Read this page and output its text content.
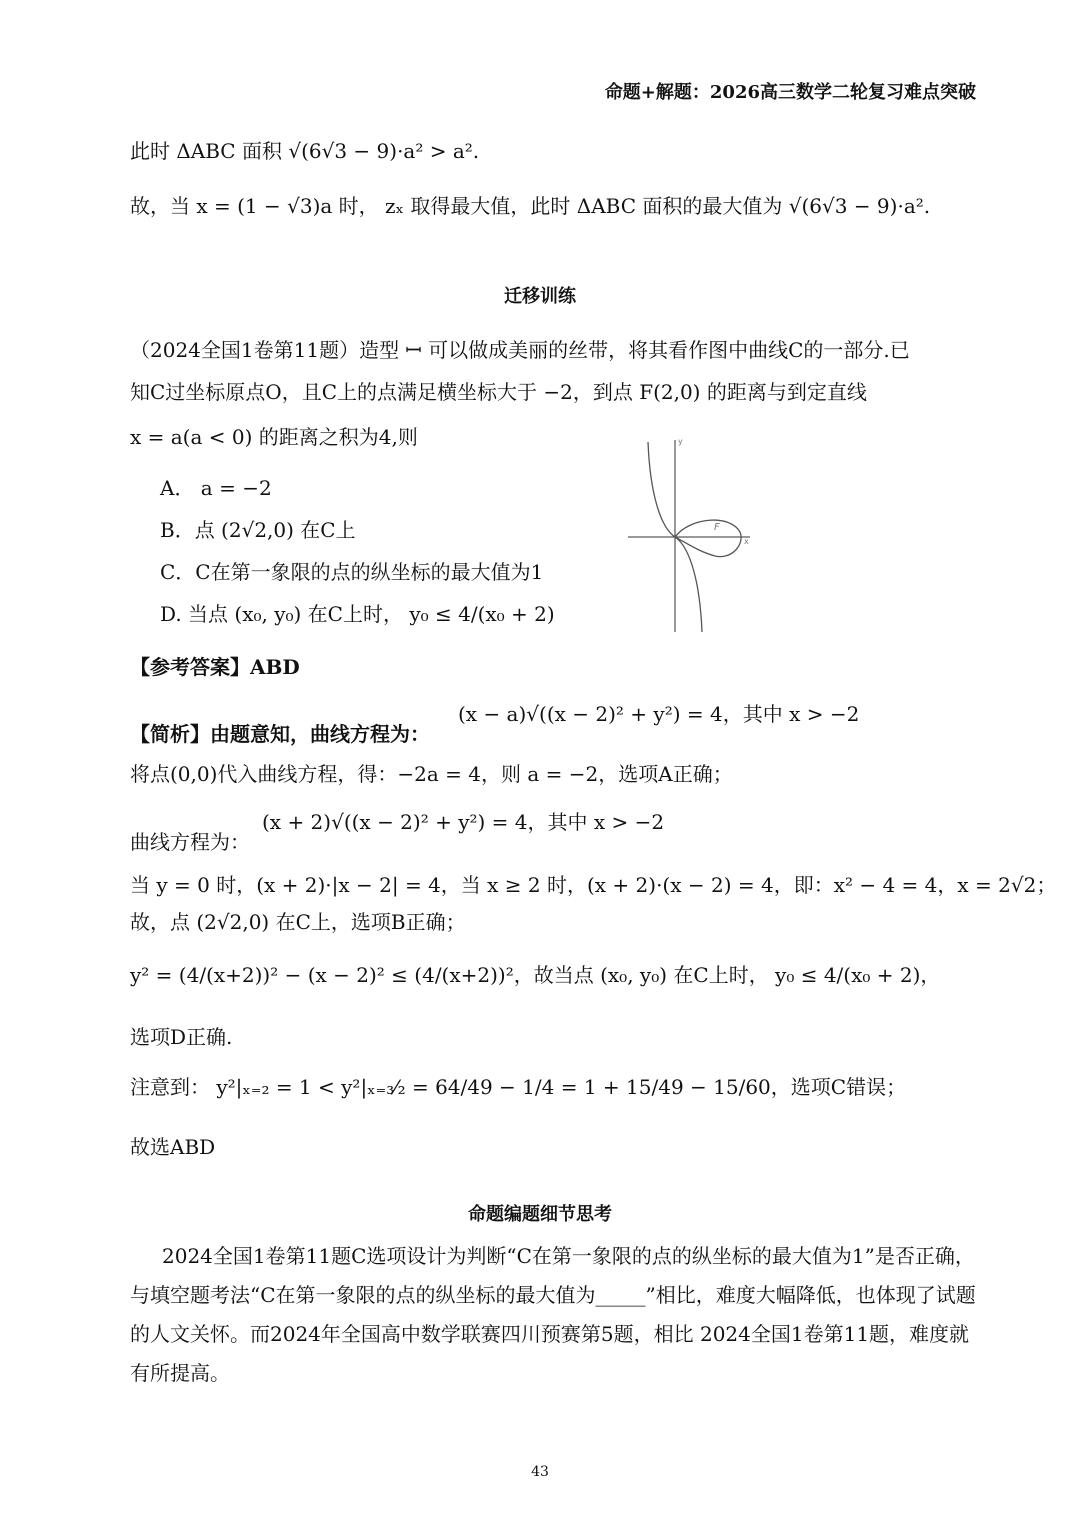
命题+解题：2026高三数学二轮复习难点突破
此时 ΔABC 面积 √(6√3 − 9)·a² > a².
故，当 x = (1 − √3)a 时， zₓ 取得最大值，此时 ΔABC 面积的最大值为 √(6√3 − 9)·a².
迁移训练
（2024全国1卷第11题）造型 ꟷ 可以做成美丽的丝带，将其看作图中曲线C的一部分.已
知C过坐标原点O，且C上的点满足横坐标大于 −2，到点 F(2,0) 的距离与到定直线
x = a(a < 0) 的距离之积为4,则
A． a = −2
B．点 (2√2,0) 在C上
C．C在第一象限的点的纵坐标的最大值为1
D. 当点 (x₀, y₀) 在C上时， y₀ ≤ 4/(x₀ + 2)
y
x
F
【参考答案】ABD
【简析】由题意知，曲线方程为：
(x − a)√((x − 2)² + y²) = 4，其中 x > −2
将点(0,0)代入曲线方程，得：−2a = 4，则 a = −2，选项A正确；
(x + 2)√((x − 2)² + y²) = 4，其中 x > −2
曲线方程为：
当 y = 0 时，(x + 2)·|x − 2| = 4，当 x ≥ 2 时，(x + 2)·(x − 2) = 4，即：x² − 4 = 4，x = 2√2；
故，点 (2√2,0) 在C上，选项B正确；
y² = (4/(x+2))² − (x − 2)² ≤ (4/(x+2))²，故当点 (x₀, y₀) 在C上时， y₀ ≤ 4/(x₀ + 2)，
选项D正确.
注意到： y²|ₓ₌₂ = 1 < y²|ₓ₌₃⁄₂ = 64/49 − 1/4 = 1 + 15/49 − 15/60，选项C错误；
故选ABD
命题编题细节思考
2024全国1卷第11题C选项设计为判断“C在第一象限的点的纵坐标的最大值为1”是否正确，与填空题考法“C在第一象限的点的纵坐标的最大值为_____”相比，难度大幅降低，也体现了试题的人文关怀。而2024年全国高中数学联赛四川预赛第5题，相比 2024全国1卷第11题，难度就有所提高。
43
